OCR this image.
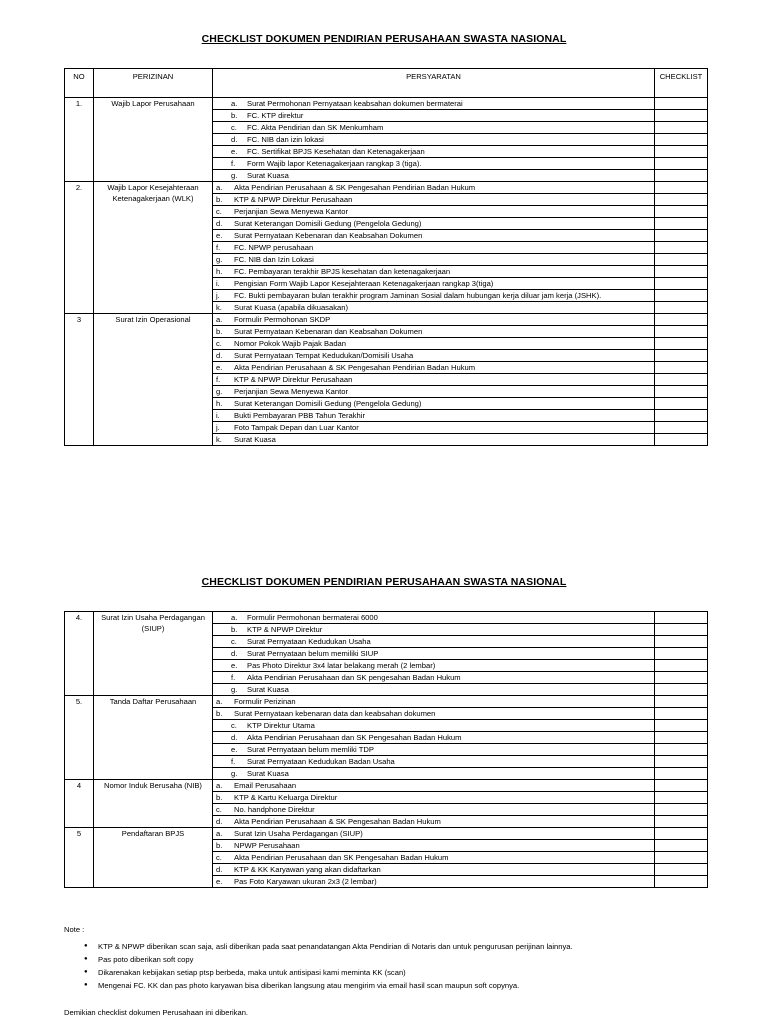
CHECKLIST DOKUMEN PENDIRIAN PERUSAHAAN SWASTA NASIONAL
NO	PERIZINAN	PERSYARATAN	CHECKLIST
1.	Wajib Lapor Perusahaan	a. Surat Permohonan Pernyataan keabsahan dokumen bermaterai	
		b. FC. KTP direktur	
		c. FC. Akta Pendirian dan SK Menkumham	
		d. FC. NIB dan izin lokasi	
		e. FC. Sertifikat BPJS Kesehatan dan Ketenagakerjaan	
		f. Form Wajib lapor Ketenagakerjaan rangkap 3 (tiga).	
		g. Surat Kuasa	
2.	Wajib Lapor Kesejahteraan Ketenagakerjaan (WLK)	a. Akta Pendirian Perusahaan & SK Pengesahan Pendirian Badan Hukum	
		b. KTP & NPWP Direktur Perusahaan	
		c. Perjanjian Sewa Menyewa Kantor	
		d. Surat Keterangan Domisili Gedung (Pengelola Gedung)	
		e. Surat Pernyataan Kebenaran dan Keabsahan Dokumen	
		f. FC. NPWP perusahaan	
		g. FC. NIB dan Izin Lokasi	
		h. FC. Pembayaran terakhir BPJS kesehatan dan ketenagakerjaan	
		i. Pengisian Form Wajib Lapor Kesejahteraan Ketenagakerjaan rangkap 3(tiga)	
		j. FC. Bukti pembayaran bulan terakhir program Jaminan Sosial dalam hubungan kerja diluar jam kerja (JSHK).	
		k. Surat Kuasa (apabila dikuasakan)	
3	Surat Izin Operasional	a. Formulir Permohonan SKDP	
		b. Surat Pernyataan Kebenaran dan Keabsahan Dokumen	
		c. Nomor Pokok Wajib Pajak Badan	
		d. Surat Pernyataan Tempat Kedudukan/Domisili Usaha	
		e. Akta Pendirian Perusahaan & SK Pengesahan Pendirian Badan Hukum	
		f. KTP & NPWP Direktur Perusahaan	
		g. Perjanjian Sewa Menyewa Kantor	
		h. Surat Keterangan Domisili Gedung (Pengelola Gedung)	
		i. Bukti Pembayaran PBB Tahun Terakhir	
		j. Foto Tampak Depan dan Luar Kantor	
		k. Surat Kuasa	
CHECKLIST DOKUMEN PENDIRIAN PERUSAHAAN SWASTA NASIONAL
4.	Surat Izin Usaha Perdagangan (SIUP)	a. Formulir Permohonan bermaterai 6000	
		b. KTP & NPWP Direktur	
		c. Surat Pernyataan Kedudukan Usaha	
		d. Surat Pernyataan belum memiliki SIUP	
		e. Pas Photo Direktur 3x4 latar belakang merah (2 lembar)	
		f. Akta Pendirian Perusahaan dan SK pengesahan Badan Hukum	
		g. Surat Kuasa	
5.	Tanda Daftar Perusahaan	a. Formulir Perizinan	
		b. Surat Pernyataan kebenaran data dan keabsahan dokumen	
		c. KTP Direktur Utama	
		d. Akta Pendirian Perusahaan dan SK Pengesahan Badan Hukum	
		e. Surat Pernyataan belum memliki TDP	
		f. Surat Pernyataan Kedudukan Badan Usaha	
		g. Surat Kuasa	
4	Nomor Induk Berusaha (NIB)	a. Email Perusahaan	
		b. KTP & Kartu Keluarga Direktur	
		c. No. handphone Direktur	
		d. Akta Pendirian Perusahaan & SK Pengesahan Badan Hukum	
5	Pendaftaran BPJS	a. Surat Izin Usaha Perdagangan (SIUP)	
		b. NPWP Perusahaan	
		c. Akta Pendirian Perusahaan dan SK Pengesahan Badan Hukum	
		d. KTP & KK Karyawan yang akan didaftarkan	
		e. Pas Foto Karyawan ukuran 2x3 (2 lembar)	
Note :
● KTP & NPWP diberikan scan saja, asli diberikan pada saat penandatangan Akta Pendirian di Notaris dan untuk pengurusan perijinan lainnya.
● Pas poto diberikan soft copy
● Dikarenakan kebijakan setiap ptsp berbeda, maka untuk antisipasi kami meminta KK (scan)
● Mengenai FC. KK dan pas photo karyawan bisa diberikan langsung atau mengirim via email hasil scan maupun soft copynya.
Demikian checklist dokumen Perusahaan ini diberikan.
